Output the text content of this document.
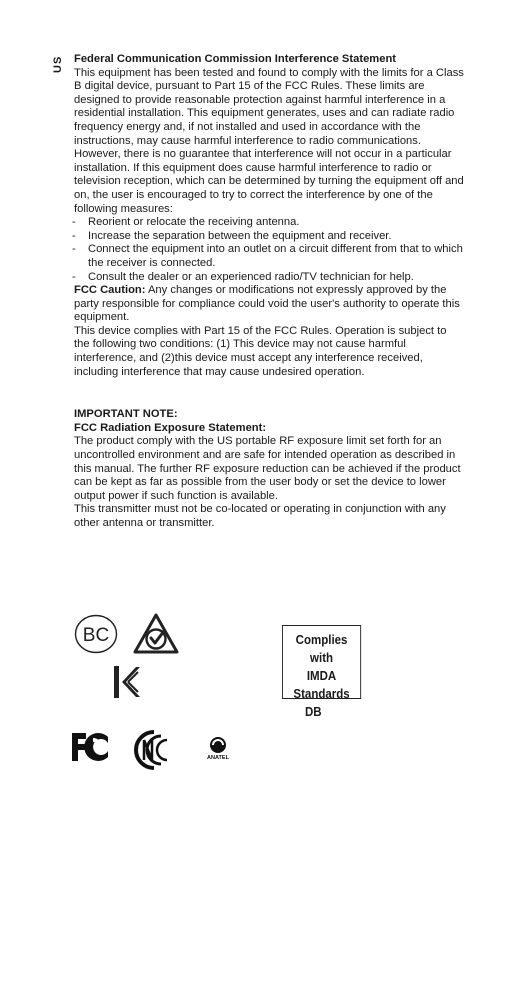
US Federal Communication Commission Interference Statement

This equipment has been tested and found to comply with the limits for a Class B digital device, pursuant to Part 15 of the FCC Rules. These limits are designed to provide reasonable protection against harmful interference in a residential installation. This equipment generates, uses and can radiate radio frequency energy and, if not installed and used in accordance with the instructions, may cause harmful interference to radio communications. However, there is no guarantee that interference will not occur in a particular installation. If this equipment does cause harmful interference to radio or television reception, which can be determined by turning the equipment off and on, the user is encouraged to try to correct the interference by one of the following measures:

- Reorient or relocate the receiving antenna.
- Increase the separation between the equipment and receiver.
- Connect the equipment into an outlet on a circuit different from that to which the receiver is connected.
- Consult the dealer or an experienced radio/TV technician for help.

FCC Caution: Any changes or modifications not expressly approved by the party responsible for compliance could void the user's authority to operate this equipment.

This device complies with Part 15 of the FCC Rules. Operation is subject to the following two conditions: (1) This device may not cause harmful interference, and (2)this device must accept any interference received, including interference that may cause undesired operation.

IMPORTANT NOTE:

FCC Radiation Exposure Statement:

The product comply with the US portable RF exposure limit set forth for an uncontrolled environment and are safe for intended operation as described in this manual. The further RF exposure reduction can be achieved if the product can be kept as far as possible from the user body or set the device to lower output power if such function is available.

This transmitter must not be co-located or operating in conjunction with any other antenna or transmitter.

BC	Complies with
IMDA Standards
DB
ANATEL
